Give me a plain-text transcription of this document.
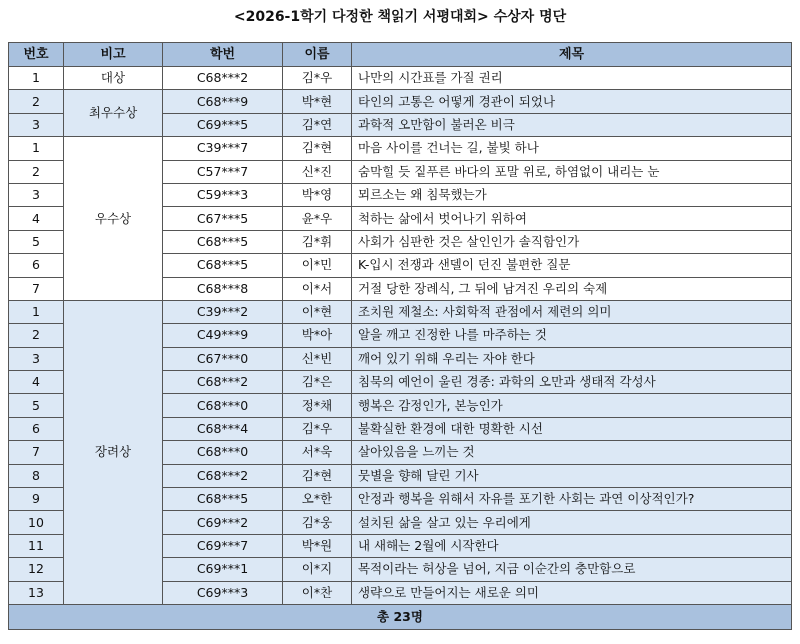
<2026-1학기 다정한 책읽기 서평대회> 수상자 명단
번호	비고	학번	이름	제목
1	대상	C68***2	김*우	나만의 시간표를 가질 권리
2	최우수상	C68***9	박*현	타인의 고통은 어떻게 경관이 되었나
3		C69***5	김*연	과학적 오만함이 불러온 비극
1	우수상	C39***7	김*현	마음 사이를 건너는 길, 불빛 하나
2		C57***7	신*진	숨막힐 듯 짙푸른 바다의 포말 위로, 하염없이 내리는 눈
3		C59***3	박*영	뫼르소는 왜 침묵했는가
4		C67***5	윤*우	척하는 삶에서 벗어나기 위하여
5		C68***5	김*휘	사회가 심판한 것은 살인인가 솔직함인가
6		C68***5	이*민	K-입시 전쟁과 샌델이 던진 불편한 질문
7		C68***8	이*서	거절 당한 장례식, 그 뒤에 남겨진 우리의 숙제
1	장려상	C39***2	이*현	조치원 제철소: 사회학적 관점에서 제련의 의미
2		C49***9	박*아	알을 깨고 진정한 나를 마주하는 것
3		C67***0	신*빈	깨어 있기 위해 우리는 자야 한다
4		C68***2	김*은	침묵의 예언이 울린 경종: 과학의 오만과 생태적 각성사
5		C68***0	정*채	행복은 감정인가, 본능인가
6		C68***4	김*우	불확실한 환경에 대한 명확한 시선
7		C68***0	서*욱	살아있음을 느끼는 것
8		C68***2	김*현	뭇별을 향해 달린 기사
9		C68***5	오*한	안정과 행복을 위해서 자유를 포기한 사회는 과연 이상적인가?
10		C69***2	김*웅	설치된 삶을 살고 있는 우리에게
11		C69***7	박*원	내 새해는 2월에 시작한다
12		C69***1	이*지	목적이라는 허상을 넘어, 지금 이순간의 충만함으로
13		C69***3	이*찬	생략으로 만들어지는 새로운 의미
총 23명				
